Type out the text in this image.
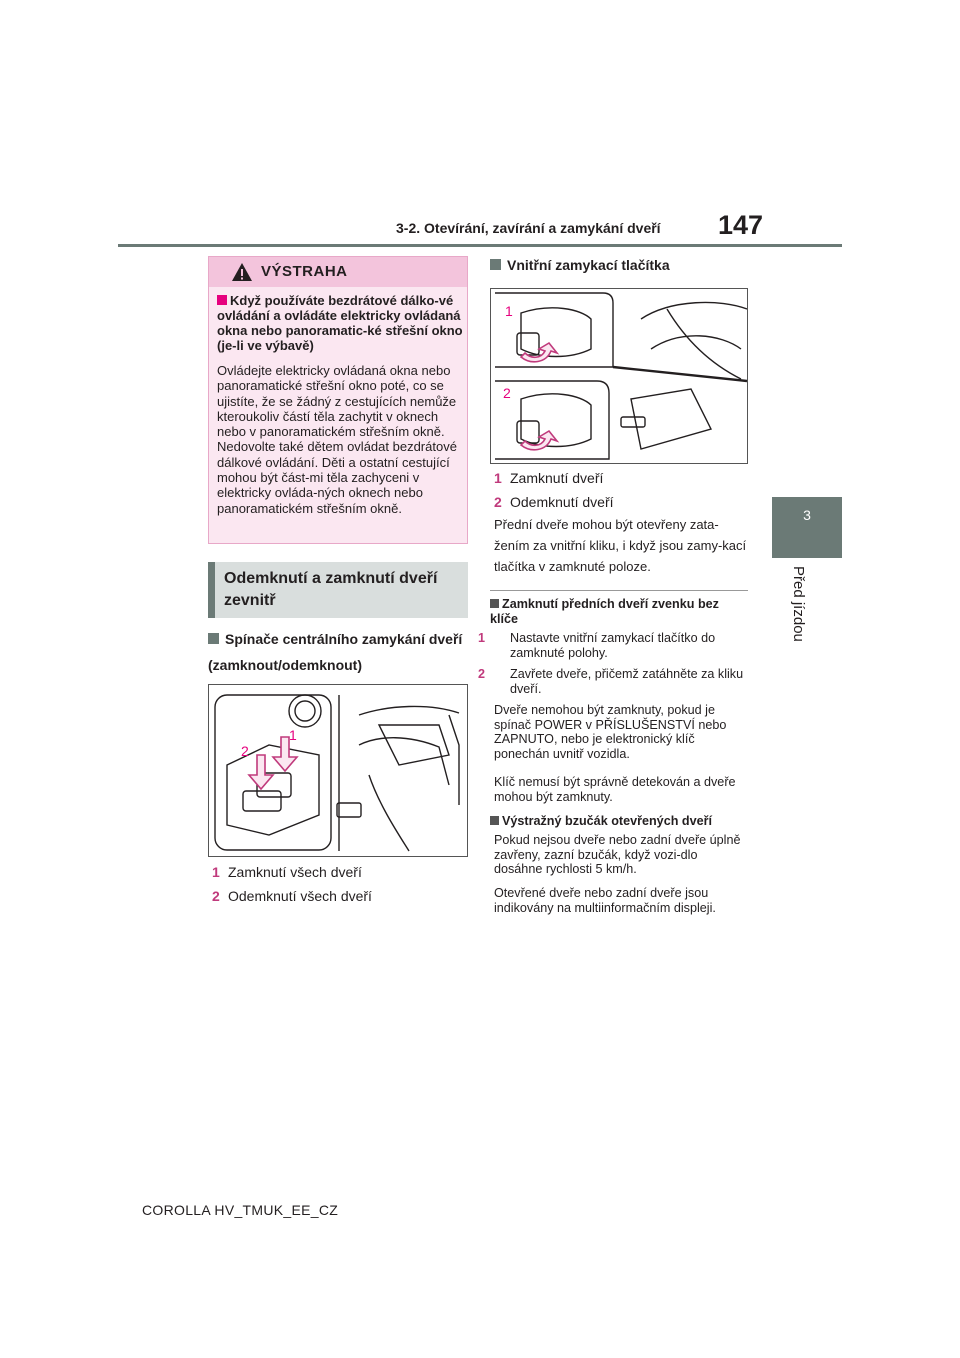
3-2. Otevírání, zavírání a zamykání dveří 147
3
Před jízdou
VÝSTRAHA
Když používáte bezdrátové dálko-vé ovládání a ovládáte elektricky ovládaná okna nebo panoramatic-ké střešní okno (je-li ve výbavě)
Ovládejte elektricky ovládaná okna nebo panoramatické střešní okno poté, co se ujistíte, že se žádný z cestujících nemůže kteroukoliv částí těla zachytit v oknech nebo v panoramatickém střešním okně. Nedovolte také dětem ovládat bezdrátové dálkové ovládání. Děti a ostatní cestující mohou být část-mi těla zachyceni v elektricky ovláda-ných oknech nebo panoramatickém střešním okně.
Odemknutí a zamknutí dveří zevnitř
Spínače centrálního zamykání dveří (zamknout/odemknout)
2
1
1 Zamknutí všech dveří
2 Odemknutí všech dveří
Vnitřní zamykací tlačítka
1
2
1 Zamknutí dveří
2 Odemknutí dveří
Přední dveře mohou být otevřeny zata-žením za vnitřní kliku, i když jsou zamy-kací tlačítka v zamknuté poloze.
Zamknutí předních dveří zvenku bez klíče
1 Nastavte vnitřní zamykací tlačítko do zamknuté polohy.
2 Zavřete dveře, přičemž zatáhněte za kliku dveří.
Dveře nemohou být zamknuty, pokud je spínač POWER v PŘÍSLUŠENSTVÍ nebo ZAPNUTO, nebo je elektronický klíč ponechán uvnitř vozidla.
Klíč nemusí být správně detekován a dveře mohou být zamknuty.
Výstražný bzučák otevřených dveří
Pokud nejsou dveře nebo zadní dveře úplně zavřeny, zazní bzučák, když vozi-dlo dosáhne rychlosti 5 km/h.
Otevřené dveře nebo zadní dveře jsou indikovány na multiinformačním displeji.
COROLLA HV_TMUK_EE_CZ
